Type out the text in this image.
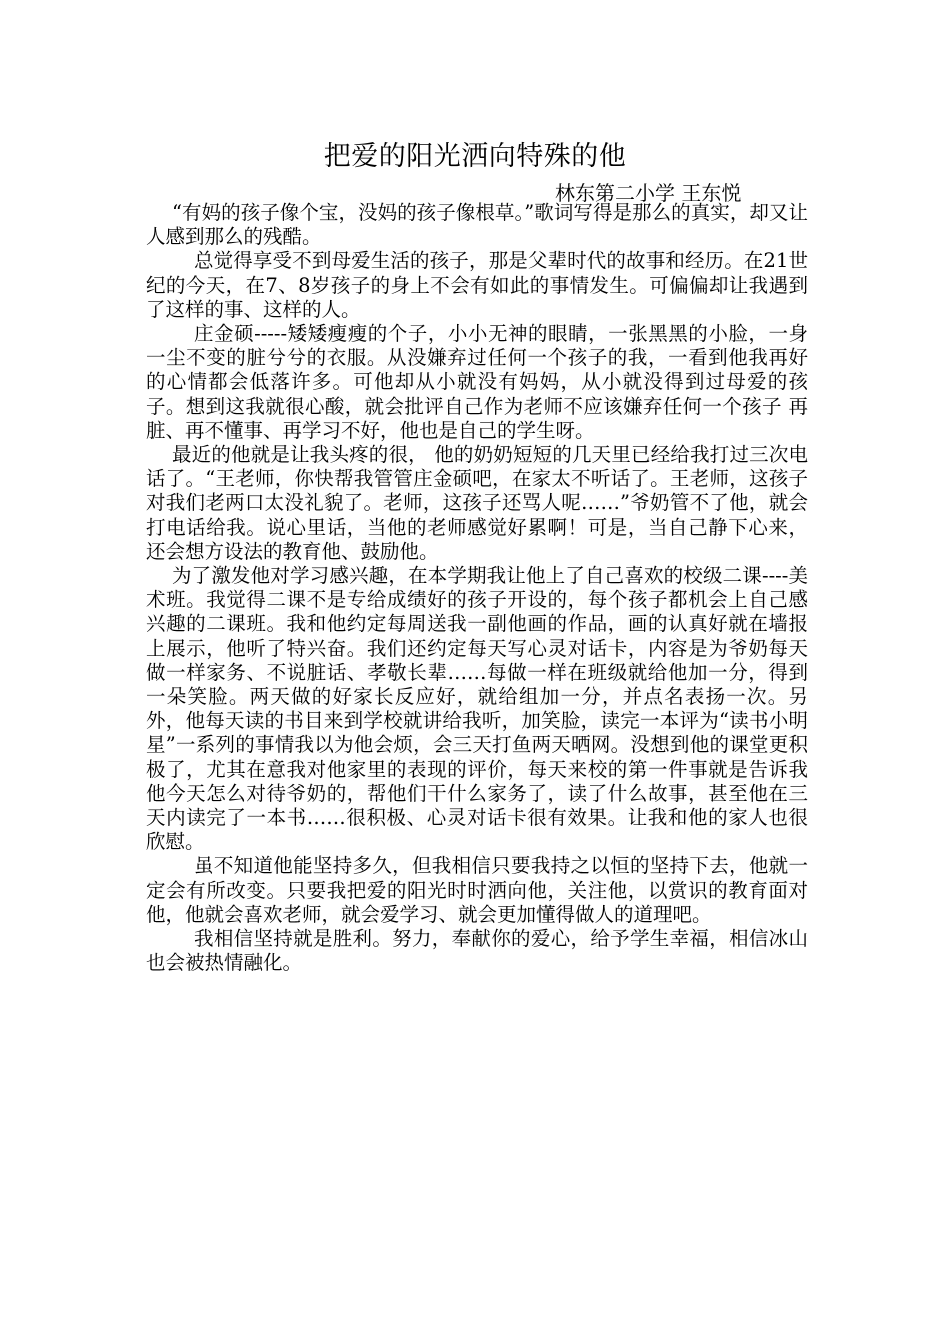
把爱的阳光洒向特殊的他
林东第二小学 王东悦

“有妈的孩子像个宝，没妈的孩子像根草。”歌词写得是那么的真实，却又让人感到那么的残酷。

总觉得享受不到母爱生活的孩子，那是父辈时代的故事和经历。在21世纪的今天，在7、8岁孩子的身上不会有如此的事情发生。可偏偏却让我遇到了这样的事、这样的人。

庄金硕-----矮矮瘦瘦的个子，小小无神的眼睛，一张黑黑的小脸，一身一尘不变的脏兮兮的衣服。从没嫌弃过任何一个孩子的我，一看到他我再好的心情都会低落许多。可他却从小就没有妈妈，从小就没得到过母爱的孩子。想到这我就很心酸，就会批评自己作为老师不应该嫌弃任何一个孩子 再脏、再不懂事、再学习不好，他也是自己的学生呀。

最近的他就是让我头疼的很， 他的奶奶短短的几天里已经给我打过三次电话了。“王老师，你快帮我管管庄金硕吧，在家太不听话了。王老师，这孩子对我们老两口太没礼貌了。老师，这孩子还骂人呢……”爷奶管不了他，就会打电话给我。说心里话，当他的老师感觉好累啊！可是，当自己静下心来，还会想方设法的教育他、鼓励他。

为了激发他对学习感兴趣，在本学期我让他上了自己喜欢的校级二课----美术班。我觉得二课不是专给成绩好的孩子开设的，每个孩子都机会上自己感兴趣的二课班。我和他约定每周送我一副他画的作品，画的认真好就在墙报上展示，他听了特兴奋。我们还约定每天写心灵对话卡，内容是为爷奶每天做一样家务、不说脏话、孝敬长辈……每做一样在班级就给他加一分，得到一朵笑脸。两天做的好家长反应好，就给组加一分，并点名表扬一次。另外，他每天读的书目来到学校就讲给我听，加笑脸，读完一本评为“读书小明星”一系列的事情我以为他会烦，会三天打鱼两天晒网。没想到他的课堂更积极了，尤其在意我对他家里的表现的评价，每天来校的第一件事就是告诉我他今天怎么对待爷奶的，帮他们干什么家务了，读了什么故事，甚至他在三天内读完了一本书……很积极、心灵对话卡很有效果。让我和他的家人也很欣慰。

虽不知道他能坚持多久，但我相信只要我持之以恒的坚持下去，他就一定会有所改变。只要我把爱的阳光时时洒向他，关注他，以赏识的教育面对他，他就会喜欢老师，就会爱学习、就会更加懂得做人的道理吧。

我相信坚持就是胜利。努力，奉献你的爱心，给予学生幸福，相信冰山也会被热情融化。
